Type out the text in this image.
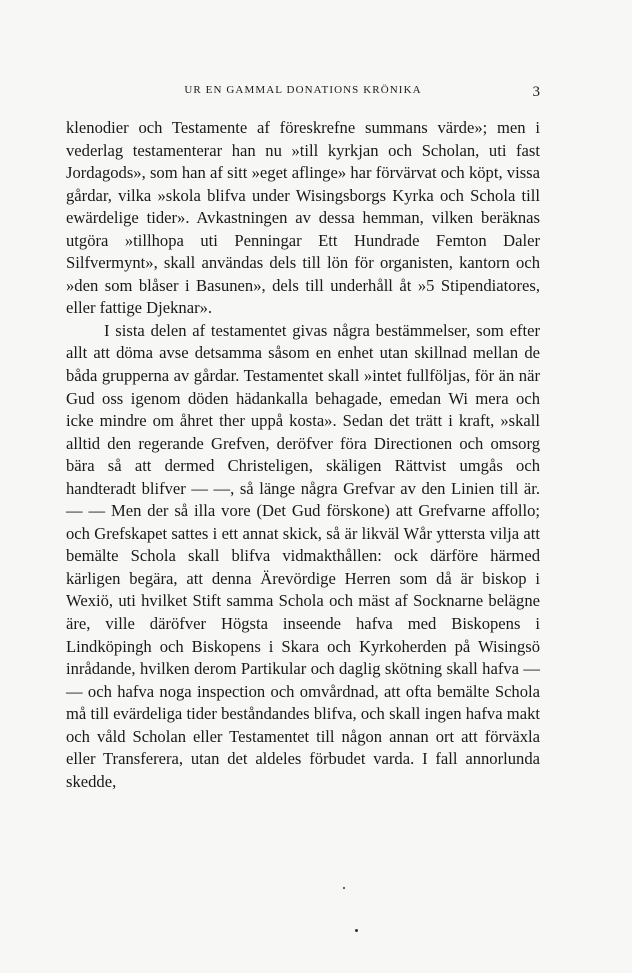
UR EN GAMMAL DONATIONS KRÖNIKA	3

klenodier och Testamente af föreskrefne summans värde»; men i vederlag testamenterar han nu »till kyrkjan och Scholan, uti fast Jordagods», som han af sitt »eget aflinge» har förvärvat och köpt, vissa gårdar, vilka »skola blifva under Wisingsborgs Kyrka och Schola till ewärdelige tider». Avkastningen av dessa hemman, vilken beräknas utgöra »tillhopa uti Penningar Ett Hundrade Femton Daler Silfvermynt», skall användas dels till lön för organisten, kantorn och »den som blåser i Basunen», dels till underhåll åt »5 Stipendiatores, eller fattige Djeknar».

I sista delen af testamentet givas några bestämmelser, som efter allt att döma avse detsamma såsom en enhet utan skillnad mellan de båda grupperna av gårdar. Testamentet skall »intet fullföljas, för än när Gud oss igenom döden hädankalla behagade, emedan Wi mera och icke mindre om åhret ther uppå kosta». Sedan det trätt i kraft, »skall alltid den regerande Grefven, deröfver föra Directionen och omsorg bära så att dermed Christeligen, skäligen Rättvist umgås och handteradt blifver — —, så länge några Grefvar av den Linien till är. — — Men der så illa vore (Det Gud förskone) att Grefvarne affollo; och Grefskapet sattes i ett annat skick, så är likväl Wår yttersta vilja att bemälte Schola skall blifva vidmakthållen: ock därföre härmed kärligen begära, att denna Ärevördige Herren som då är biskop i Wexiö, uti hvilket Stift samma Schola och mäst af Socknarne belägne äre, ville däröfver Högsta inseende hafva med Biskopens i Lindköpingh och Biskopens i Skara och Kyrkoherden på Wisingsö inrådande, hvilken derom Partikular och daglig skötning skall hafva — — och hafva noga inspection och omvårdnad, att ofta bemälte Schola må till evärdeliga tider beståndandes blifva, och skall ingen hafva makt och våld Scholan eller Testamentet till någon annan ort att förväxla eller Transferera, utan det aldeles förbudet varda. I fall annorlunda skedde,
